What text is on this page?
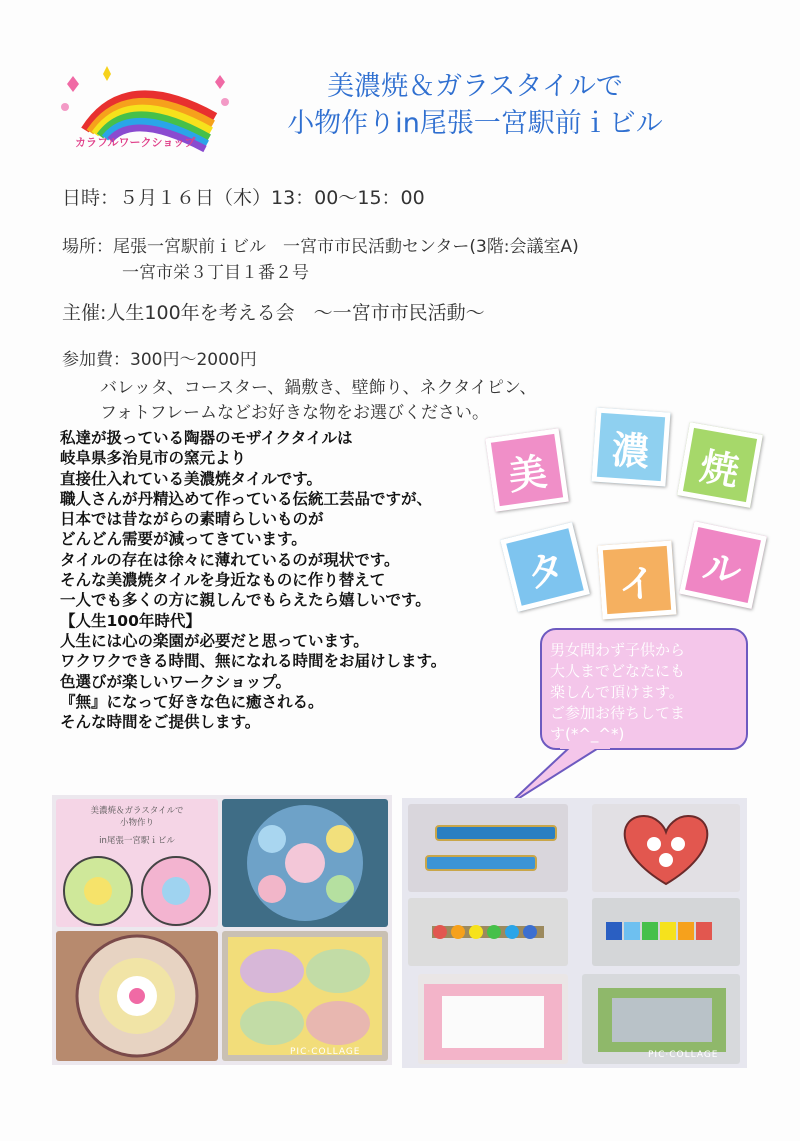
カラフルワークショップ
美濃焼＆ガラスタイルで
小物作りin尾張一宮駅前ｉビル
日時：５月１６日（木）13：00～15：00
場所：尾張一宮駅前ｉビル　一宮市市民活動センター(3階:会議室A)
一宮市栄３丁目１番２号
主催:人生100年を考える会　～一宮市市民活動～
参加費：300円～2000円
バレッタ、コースター、鍋敷き、壁飾り、ネクタイピン、
フォトフレームなどお好きな物をお選びください。
私達が扱っている陶器のモザイクタイルは
岐阜県多治見市の窯元より
直接仕入れている美濃焼タイルです。
職人さんが丹精込めて作っている伝統工芸品ですが、
日本では昔ながらの素晴らしいものが
どんどん需要が減ってきています。
タイルの存在は徐々に薄れているのが現状です。
そんな美濃焼タイルを身近なものに作り替えて
一人でも多くの方に親しんでもらえたら嬉しいです。
【人生100年時代】
人生には心の楽園が必要だと思っています。
ワクワクできる時間、無になれる時間をお届けします。
色選びが楽しいワークショップ。
『無』になって好きな色に癒される。
そんな時間をご提供します。
美 濃 焼
タ イ ル
男女問わず子供から
大人までどなたにも
楽しんで頂けます。
ご参加お待ちしてま
す(*^_^*)
美濃焼＆ガラスタイルで
小物作り
in尾張一宮駅ｉビル
PIC·COLLAGE	PIC·COLLAGE
